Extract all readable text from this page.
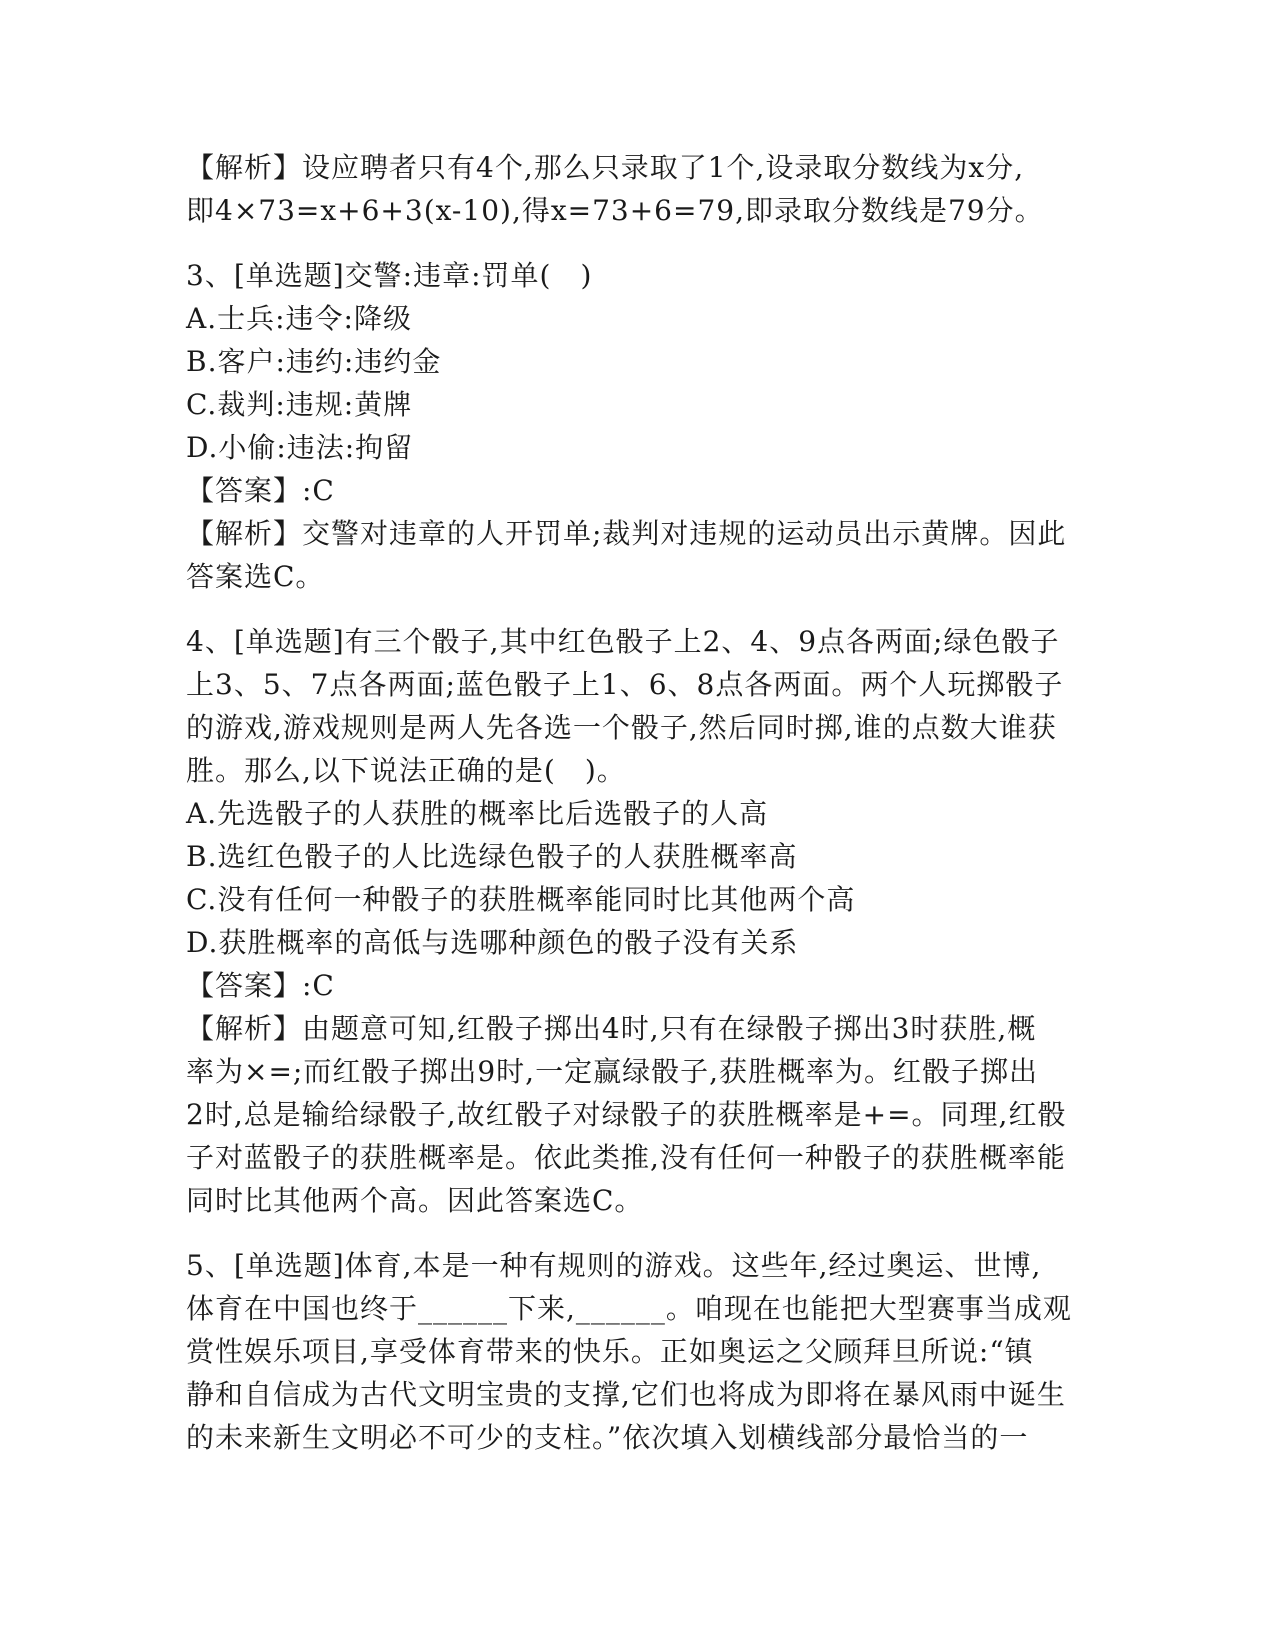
【解析】设应聘者只有4个,那么只录取了1个,设录取分数线为x分,
即4×73=x+6+3(x-10),得x=73+6=79,即录取分数线是79分。
3、[单选题]交警:违章:罚单(　)
A.士兵:违令:降级
B.客户:违约:违约金
C.裁判:违规:黄牌
D.小偷:违法:拘留
【答案】:C
【解析】交警对违章的人开罚单;裁判对违规的运动员出示黄牌。因此
答案选C。
4、[单选题]有三个骰子,其中红色骰子上2、4、9点各两面;绿色骰子
上3、5、7点各两面;蓝色骰子上1、6、8点各两面。两个人玩掷骰子
的游戏,游戏规则是两人先各选一个骰子,然后同时掷,谁的点数大谁获
胜。那么,以下说法正确的是(　)。
A.先选骰子的人获胜的概率比后选骰子的人高
B.选红色骰子的人比选绿色骰子的人获胜概率高
C.没有任何一种骰子的获胜概率能同时比其他两个高
D.获胜概率的高低与选哪种颜色的骰子没有关系
【答案】:C
【解析】由题意可知,红骰子掷出4时,只有在绿骰子掷出3时获胜,概
率为×=;而红骰子掷出9时,一定赢绿骰子,获胜概率为。红骰子掷出
2时,总是输给绿骰子,故红骰子对绿骰子的获胜概率是+=。同理,红骰
子对蓝骰子的获胜概率是。依此类推,没有任何一种骰子的获胜概率能
同时比其他两个高。因此答案选C。
5、[单选题]体育,本是一种有规则的游戏。这些年,经过奥运、世博,
体育在中国也终于______下来,______。咱现在也能把大型赛事当成观
赏性娱乐项目,享受体育带来的快乐。正如奥运之父顾拜旦所说:“镇
静和自信成为古代文明宝贵的支撑,它们也将成为即将在暴风雨中诞生
的未来新生文明必不可少的支柱。”依次填入划横线部分最恰当的一
